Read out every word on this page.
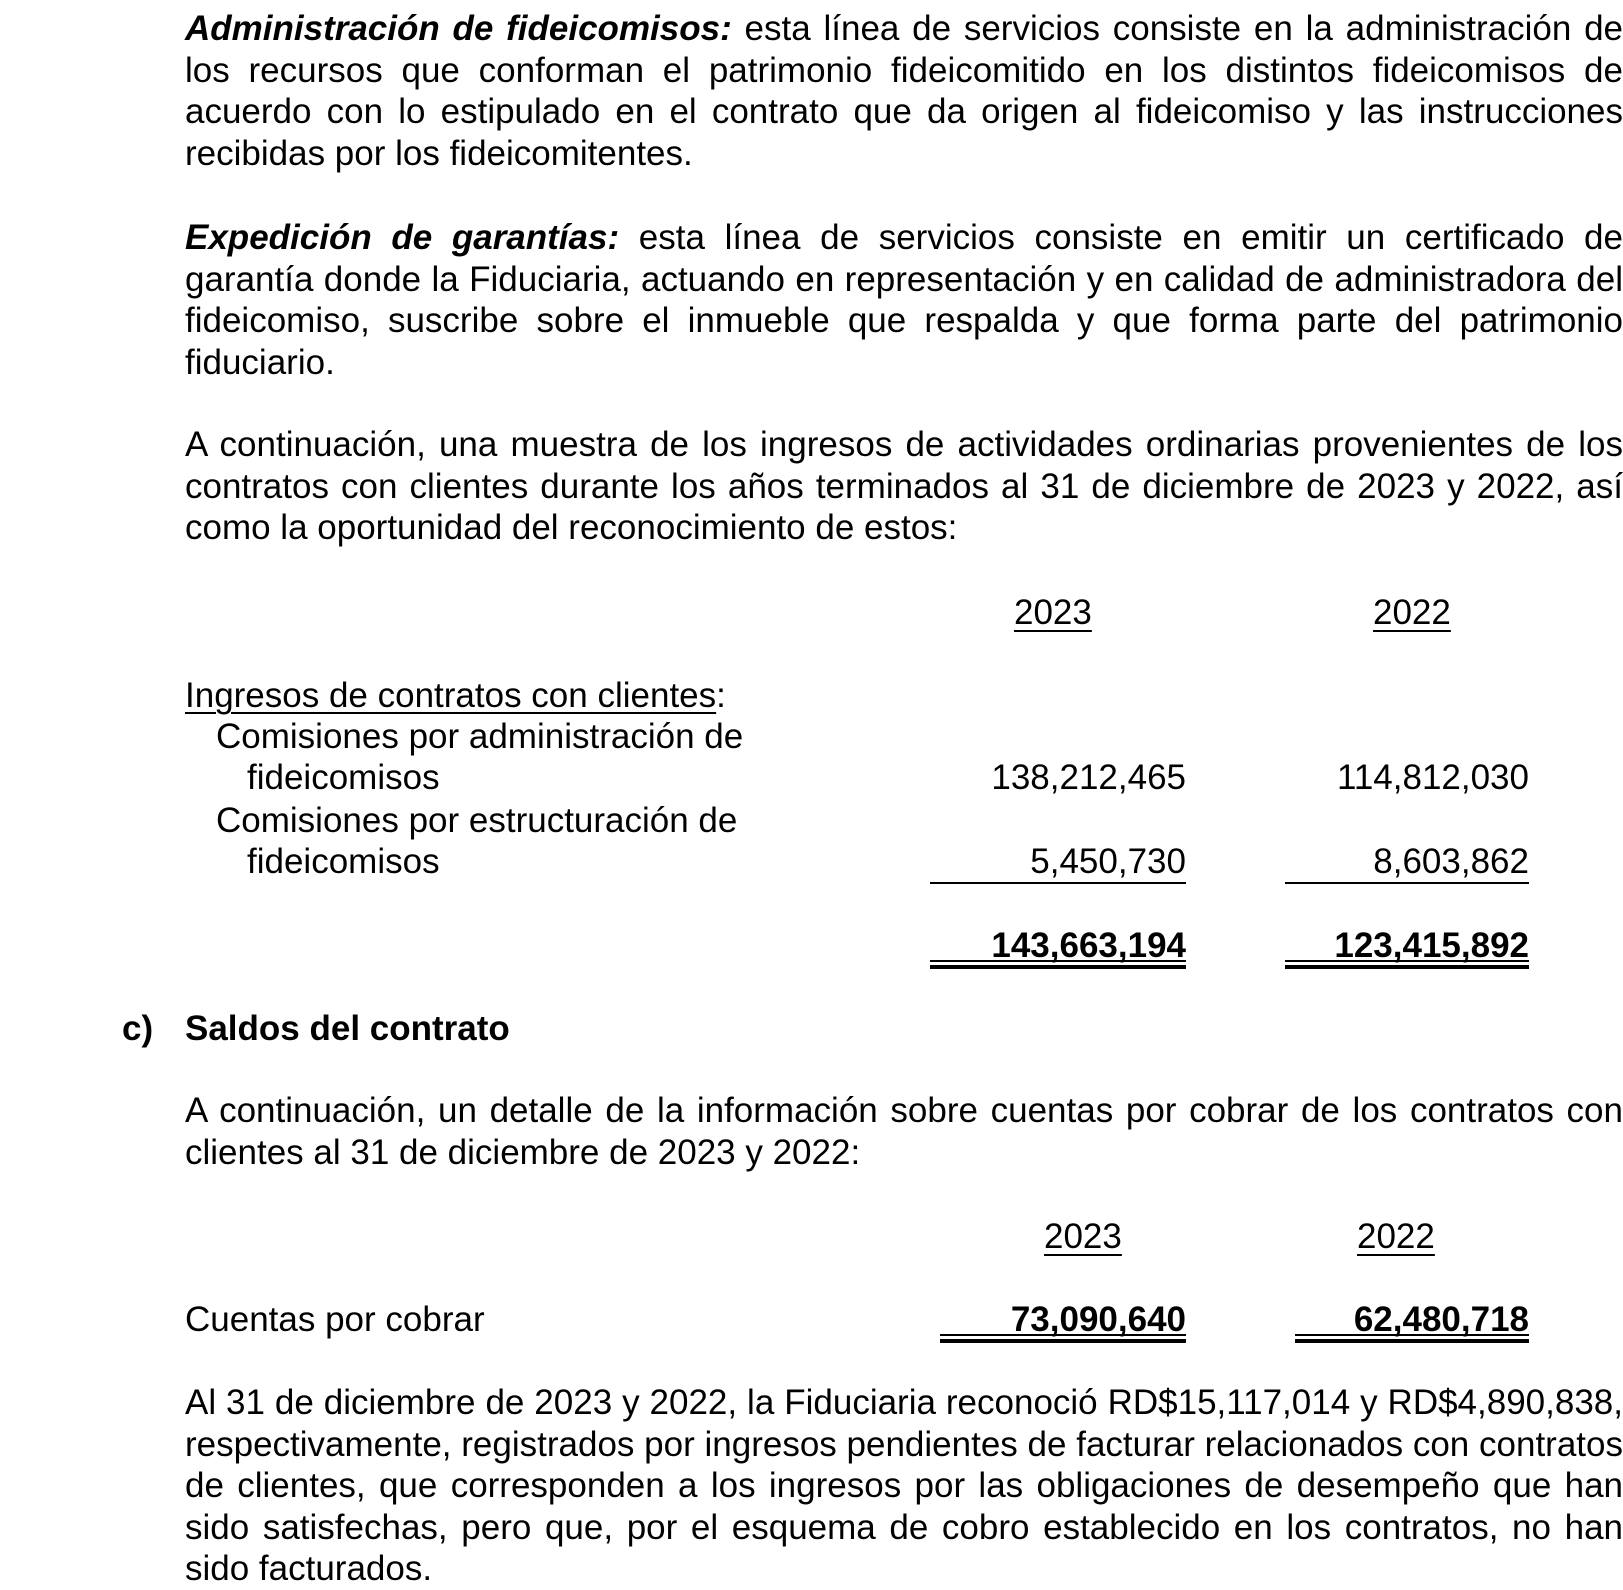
Administración de fideicomisos: esta línea de servicios consiste en la administración de los recursos que conforman el patrimonio fideicomitido en los distintos fideicomisos de acuerdo con lo estipulado en el contrato que da origen al fideicomiso y las instrucciones recibidas por los fideicomitentes.
Expedición de garantías: esta línea de servicios consiste en emitir un certificado de garantía donde la Fiduciaria, actuando en representación y en calidad de administradora del fideicomiso, suscribe sobre el inmueble que respalda y que forma parte del patrimonio fiduciario.
A continuación, una muestra de los ingresos de actividades ordinarias provenientes de los contratos con clientes durante los años terminados al 31 de diciembre de 2023 y 2022, así como la oportunidad del reconocimiento de estos:
2023	2022
Ingresos de contratos con clientes:
Comisiones por administración de
fideicomisos	138,212,465	114,812,030
Comisiones por estructuración de
fideicomisos	5,450,730	8,603,862
143,663,194	123,415,892
c) Saldos del contrato
A continuación, un detalle de la información sobre cuentas por cobrar de los contratos con clientes al 31 de diciembre de 2023 y 2022:
2023	2022
Cuentas por cobrar	73,090,640	62,480,718
Al 31 de diciembre de 2023 y 2022, la Fiduciaria reconoció RD$15,117,014 y RD$4,890,838, respectivamente, registrados por ingresos pendientes de facturar relacionados con contratos de clientes, que corresponden a los ingresos por las obligaciones de desempeño que han sido satisfechas, pero que, por el esquema de cobro establecido en los contratos, no han sido facturados.
